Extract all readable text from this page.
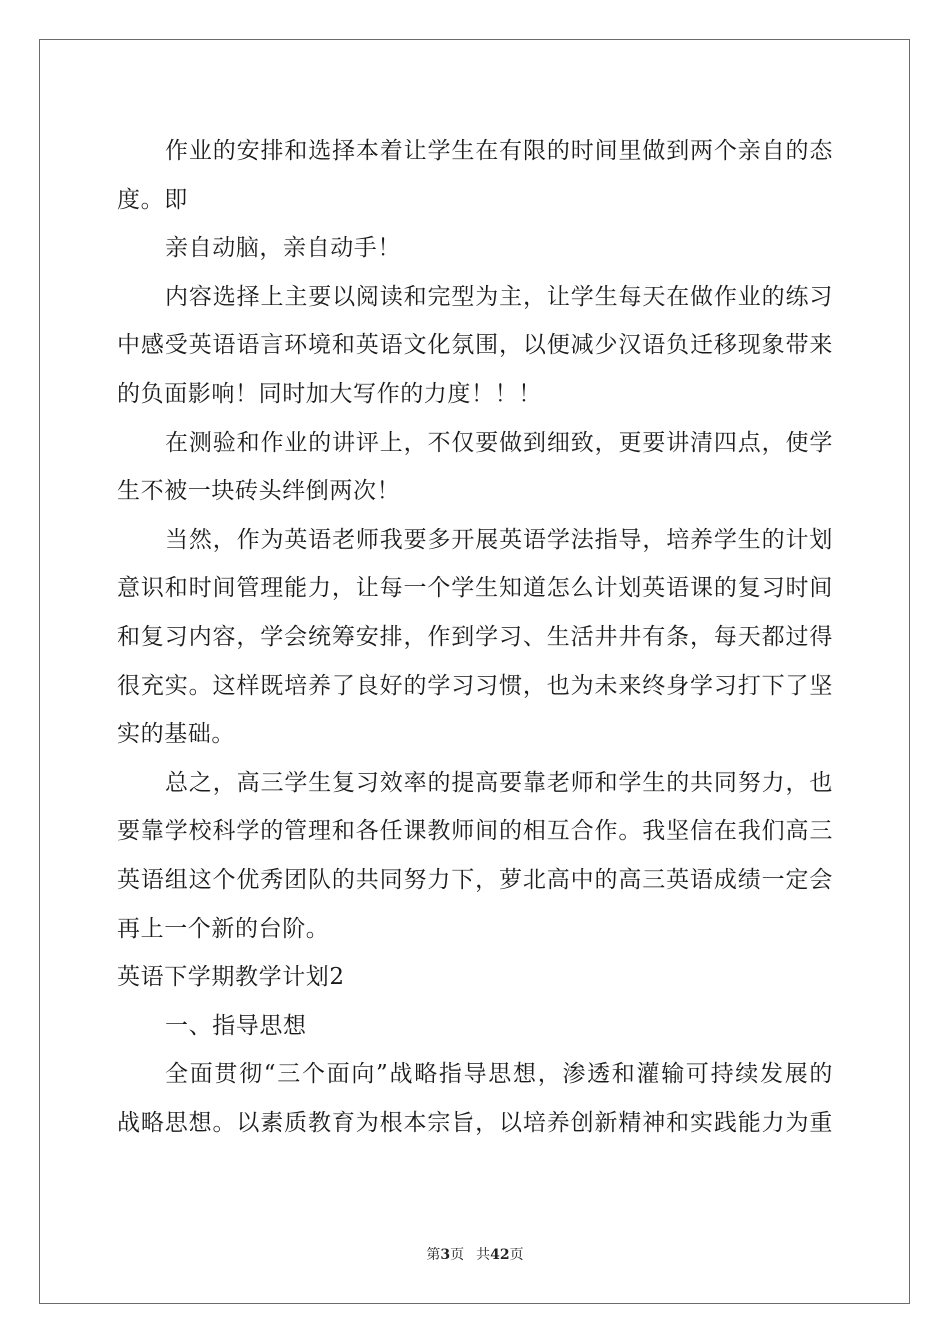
作业的安排和选择本着让学生在有限的时间里做到两个亲自的态
度。即
亲自动脑，亲自动手！
内容选择上主要以阅读和完型为主，让学生每天在做作业的练习
中感受英语语言环境和英语文化氛围，以便减少汉语负迁移现象带来
的负面影响！同时加大写作的力度！！！
在测验和作业的讲评上，不仅要做到细致，更要讲清四点，使学
生不被一块砖头绊倒两次！
当然，作为英语老师我要多开展英语学法指导，培养学生的计划
意识和时间管理能力，让每一个学生知道怎么计划英语课的复习时间
和复习内容，学会统筹安排，作到学习、生活井井有条，每天都过得
很充实。这样既培养了良好的学习习惯，也为未来终身学习打下了坚
实的基础。
总之，高三学生复习效率的提高要靠老师和学生的共同努力，也
要靠学校科学的管理和各任课教师间的相互合作。我坚信在我们高三
英语组这个优秀团队的共同努力下，萝北高中的高三英语成绩一定会
再上一个新的台阶。
英语下学期教学计划2
一、指导思想
全面贯彻“三个面向”战略指导思想，渗透和灌输可持续发展的
战略思想。以素质教育为根本宗旨，以培养创新精神和实践能力为重
第3页 共42页
